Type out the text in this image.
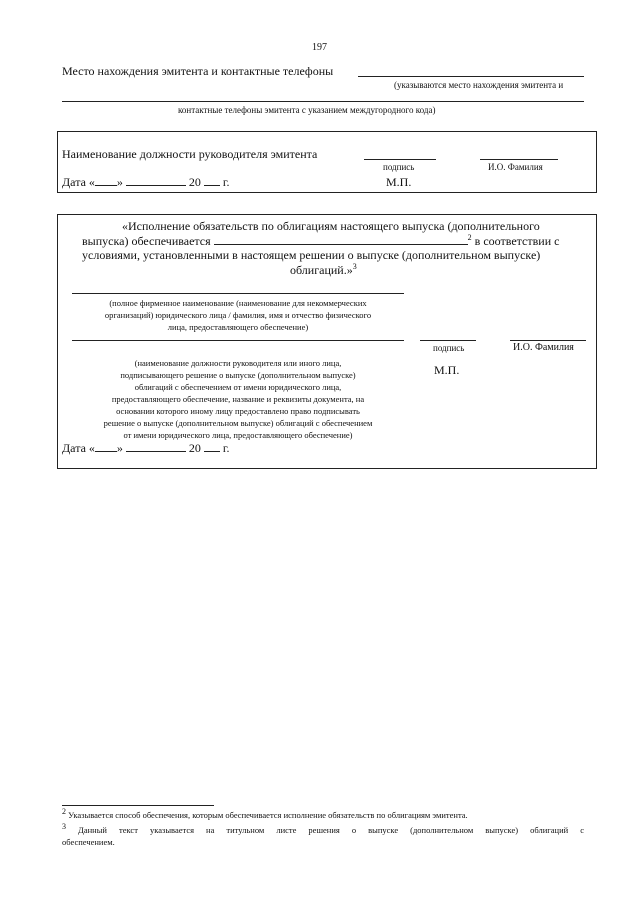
197
Место нахождения эмитента и контактные телефоны
(указываются место нахождения эмитента и
контактные телефоны эмитента с указанием междугородного кода)
Наименование должности руководителя эмитента
подпись	И.О. Фамилия
Дата « »	20 г.	М.П.
«Исполнение обязательств по облигациям настоящего выпуска (дополнительного
выпуска) обеспечивается	$^2$ в соответствии с
условиями, установленными в настоящем решении о выпуске (дополнительном выпуске)
облигаций.»$^3$
(полное фирменное наименование (наименование для некоммерческих
организаций) юридического лица / фамилия, имя и отчество физического
лица, предоставляющего обеспечение)
подпись	И.О. Фамилия
(наименование должности руководителя или иного лица,
подписывающего решение о выпуске (дополнительном выпуске)
облигаций с обеспечением от имени юридического лица,
предоставляющего обеспечение, название и реквизиты документа, на
основании которого иному лицу предоставлено право подписывать
решение о выпуске (дополнительном выпуске) облигаций с обеспечением
от имени юридического лица, предоставляющего обеспечение)
М.П.
Дата « »	20 г.
$^2$ Указывается способ обеспечения, которым обеспечивается исполнение обязательств по облигациям эмитента.
$^3$ Данный текст указывается на титульном листе решения о выпуске (дополнительном выпуске) облигаций с
обеспечением.
